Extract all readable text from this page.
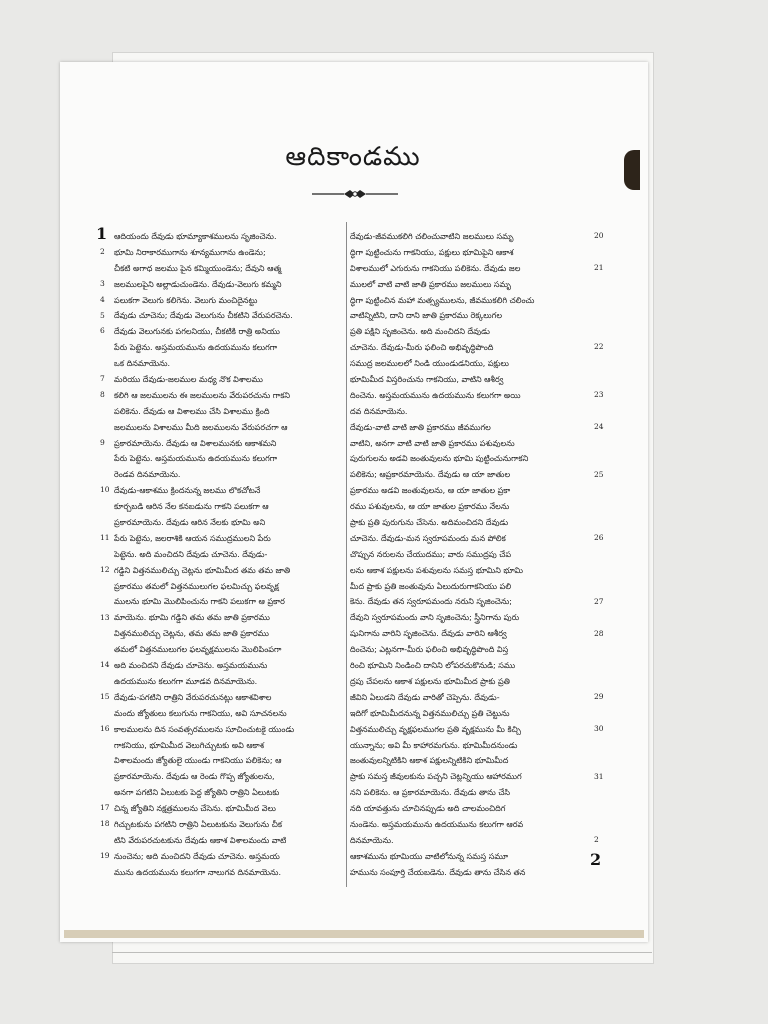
ఆదికాండము
1
2

ఆదియందు దేవుడు భూమ్యాకాశములను సృజించెను.

భూమి నిరాకారముగాను శూన్యముగాను ఉండెను;

చీకటి అగాధ జలము పైన కమ్మియుండెను; దేవుని ఆత్మ

జలములపైని అల్లాడుచుండెను. దేవుడు-వెలుగు కమ్మని

పలుకగా వెలుగు కలిగెను. వెలుగు మంచిదైనట్టు

దేవుడు చూచెను; దేవుడు వెలుగును చీకటిని వేరుపరచెను.

దేవుడు వెలుగునకు పగలనియు, చీకటికి రాత్రి అనియు

పేరు పెట్టెను. అస్తమయమును ఉదయమును కలుగగా

ఒక దినమాయెను.

మరియు దేవుడు-జలముల మధ్య నొక విశాలము

కలిగి ఆ జలములను ఈ జలములను వేరుపరచును గాకని

పలికెను. దేవుడు ఆ విశాలము చేసి విశాలము క్రింది

జలములను విశాలము మీది జలములను వేరుపరచగా ఆ

ప్రకారమాయెను. దేవుడు ఆ విశాలమునకు ఆకాశమని

పేరు పెట్టెను. అస్తమయమును ఉదయమును కలుగగా

రెండవ దినమాయెను.

దేవుడు-ఆకాశము క్రిందనున్న జలము లొకచోటనే

కూర్చబడి ఆరిన నేల కనబడును గాకని పలుకగా ఆ

ప్రకారమాయెను. దేవుడు ఆరిన నేలకు భూమి అని

పేరు పెట్టెను, జలరాశికి ఆయన సముద్రములని పేరు

పెట్టెను. అది మంచిదని దేవుడు చూచెను. దేవుడు-

గడ్డిని విత్తనములిచ్చు చెట్లను భూమిమీద తమ తమ జాతి

ప్రకారము తమలో విత్తనములుగల ఫలమిచ్చు ఫలవృక్ష

ములను భూమి మొలిపించును గాకని పలుకగా ఆ ప్రకార

మాయెను. భూమి గడ్డిని తమ తమ జాతి ప్రకారము

విత్తనములిచ్చు చెట్లను, తమ తమ జాతి ప్రకారము

తమలో విత్తనములుగల ఫలవృక్షములను మొలిపింపగా

అది మంచిదని దేవుడు చూచెను. అస్తమయమును

ఉదయమును కలుగగా మూడవ దినమాయెను.

దేవుడు-పగటిని రాత్రిని వేరుపరచునట్లు ఆకాశవిశాల

మందు జ్యోతులు కలుగును గాకనియు, అవి సూచనలను

కాలములను దిన సంవత్సరములను సూచించుటకై యుండు

గాకనియు, భూమిమీద వెలుగిచ్చుటకు అవి ఆకాశ

విశాలమందు జ్యోతులై యుండు గాకనియు పలికెను; ఆ

ప్రకారమాయెను. దేవుడు ఆ రెండు గొప్ప జ్యోతులను,

అనగా పగటిని ఏలుటకు పెద్ద జ్యోతిని రాత్రిని ఏలుటకు

చిన్న జ్యోతిని నక్షత్రములను చేసెను. భూమిమీద వెలు

గిచ్చుటకును పగటిని రాత్రిని ఏలుటకును వెలుగును చీక

టిని వేరుపరచుటకును దేవుడు ఆకాశ విశాలమందు వాటి

నుంచెను; అది మంచిదని దేవుడు చూచెను. అస్తమయ

మును ఉదయమును కలుగగా నాలుగవ దినమాయెను.

దేవుడు-జీవముకలిగి చలించువాటిని జలములు సమృ

ద్ధిగా పుట్టించును గాకనియు, పక్షులు భూమిపైని ఆకాశ

విశాలములో ఎగురును గాకనియు పలికెను. దేవుడు జల

ములలో వాటి వాటి జాతి ప్రకారము జలములు సమృ

ద్ధిగా పుట్టించిన మహా మత్స్యములను, జీవముకలిగి చలించు

వాటిన్నిటిని, దాని దాని జాతి ప్రకారము రెక్కలుగల

ప్రతి పక్షిని సృజించెను. అది మంచిదని దేవుడు

చూచెను. దేవుడు-మీరు ఫలించి అభివృద్ధిపొంది

సముద్ర జలములలో నిండి యుండుడనియు, పక్షులు

భూమిమీద విస్తరించును గాకనియు, వాటిని ఆశీర్వ

దించెను. అస్తమయమును ఉదయమును కలుగగా అయి

దవ దినమాయెను.

దేవుడు-వాటి వాటి జాతి ప్రకారము జీవముగల

వాటిని, అనగా వాటి వాటి జాతి ప్రకారము పశువులను

పురుగులను అడవి జంతువులను భూమి పుట్టించునుగాకని

పలికెను; ఆప్రకారమాయెను. దేవుడు ఆ యా జాతుల

ప్రకారము అడవి జంతువులను, ఆ యా జాతుల ప్రకా

రము పశువులను, ఆ యా జాతుల ప్రకారము నేలను

ప్రాకు ప్రతి పురుగును చేసెను. అదిమంచిదని దేవుడు

చూచెను. దేవుడు-మన స్వరూపమందు మన పోలిక

చొప్పున నరులను చేయుదము; వారు సముద్రపు చేప

లను ఆకాశ పక్షులను పశువులను సమస్త భూమిని భూమి

మీద ప్రాకు ప్రతి జంతువును ఏలుదురుగాకనియు పలి

కెను. దేవుడు తన స్వరూపమందు నరుని సృజించెను;

దేవుని స్వరూపమందు వాని సృజించెను; స్త్రీనిగాను పురు

షునిగాను వారిని సృజించెను. దేవుడు వారిని ఆశీర్వ

దించెను; ఎట్లనగా-మీరు ఫలించి అభివృద్ధిపొంది విస్త

రించి భూమిని నిండించి దానిని లోపరచుకొనుడి; సము

ద్రపు చేపలను ఆకాశ పక్షులను భూమిమీద ప్రాకు ప్రతి

జీవిని ఏలుడని దేవుడు వారితో చెప్పెను. దేవుడు-

ఇదిగో భూమిమీదనున్న విత్తనములిచ్చు ప్రతి చెట్టును

విత్తనములిచ్చు వృక్షఫలముగల ప్రతి వృక్షమును మీ కిచ్చి

యున్నాను; అవి మీ కాహారమగును. భూమిమీదనుండు

జంతువులన్నిటికిని ఆకాశ పక్షులన్నిటికిని భూమిమీద

ప్రాకు సమస్త జీవులకును పచ్చని చెట్లన్నియు ఆహారముగ

నని పలికెను. ఆ ప్రకారమాయెను. దేవుడు తాను చేసి

నది యావత్తును చూచినప్పుడు అది చాలమంచిదిగ

నుండెను. అస్తమయమును ఉదయమును కలుగగా ఆరవ

దినమాయెను.

ఆకాశమును భూమియు వాటిలోనున్న సమస్త సమూ

హమును సంపూర్తి చేయబడెను. దేవుడు తాను చేసిన తన

2
3
4
5
6
7
8
9
10
11
12
13
14
15
16
17
18
19
20
21
22
23
24
25
26
27
28
29
30
31
2
